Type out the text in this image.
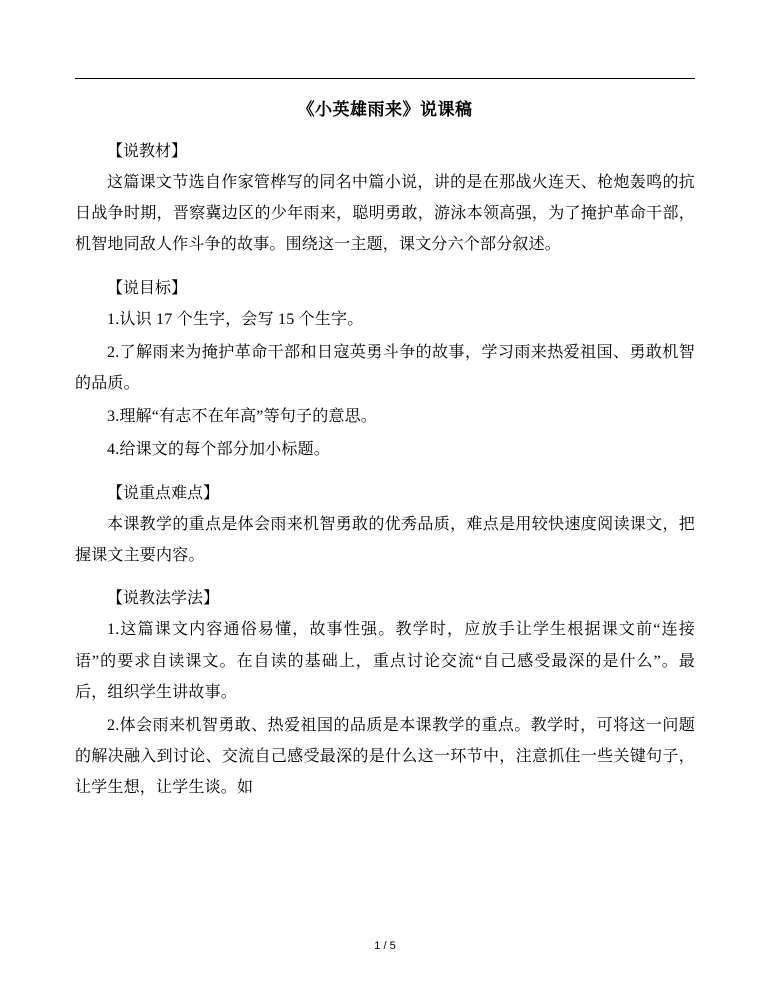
《小英雄雨来》说课稿
【说教材】

这篇课文节选自作家管桦写的同名中篇小说，讲的是在那战火连天、枪炮轰鸣的抗日战争时期，晋察冀边区的少年雨来，聪明勇敢，游泳本领高强，为了掩护革命干部，机智地同敌人作斗争的故事。围绕这一主题，课文分六个部分叙述。

【说目标】

1.认识 17 个生字，会写 15 个生字。

2.了解雨来为掩护革命干部和日寇英勇斗争的故事，学习雨来热爱祖国、勇敢机智的品质。

3.理解“有志不在年高”等句子的意思。

4.给课文的每个部分加小标题。

【说重点难点】

本课教学的重点是体会雨来机智勇敢的优秀品质，难点是用较快速度阅读课文，把握课文主要内容。

【说教法学法】

1.这篇课文内容通俗易懂，故事性强。教学时，应放手让学生根据课文前“连接语”的要求自读课文。在自读的基础上，重点讨论交流“自己感受最深的是什么”。最后，组织学生讲故事。

2.体会雨来机智勇敢、热爱祖国的品质是本课教学的重点。教学时，可将这一问题的解决融入到讨论、交流自己感受最深的是什么这一环节中，注意抓住一些关键句子，让学生想，让学生谈。如

1 / 5
